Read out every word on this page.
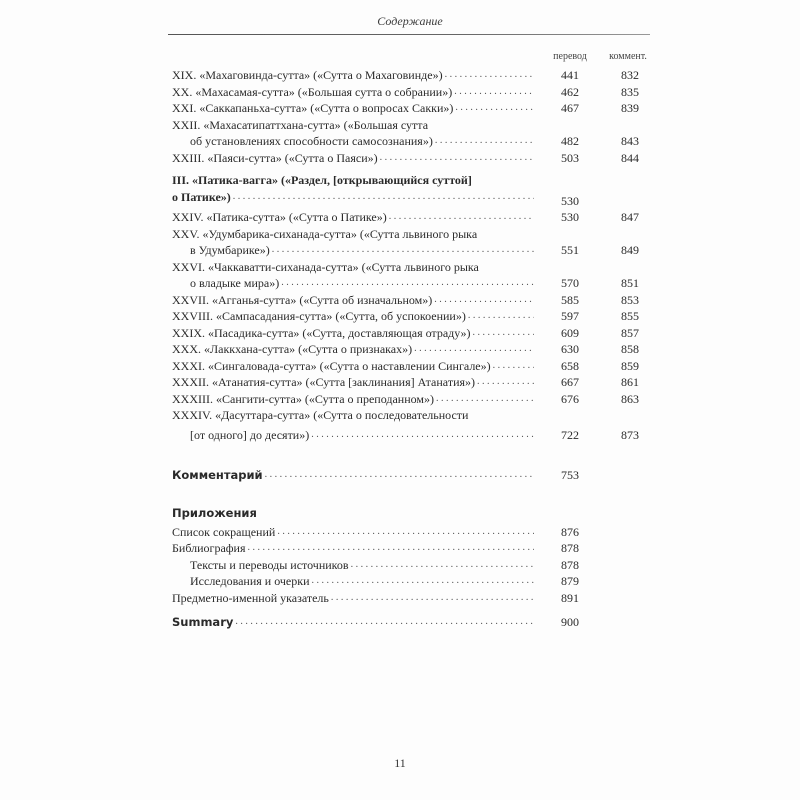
Содержание
перевод	коммент.
XIX. «Махаговинда-сутта» («Сутта о Махаговинде») . . .	441	832
XX. «Махасамая-сутта» («Большая сутта о собрании») . . .	462	835
XXI. «Саккапаньха-сутта» («Сутта о вопросах Сакки») . . .	467	839
XXII. «Махасатипаттхана-сутта» («Большая сутта
об установлениях способности самосознания») . . .	482	843
XXIII. «Паяси-сутта» («Сутта о Паяси») . . .	503	844
III. «Патика-вагга» («Раздел, [открывающийся суттой]
о Патике») . . .	530
XXIV. «Патика-сутта» («Сутта о Патике») . . .	530	847
XXV. «Удумбарика-сиханада-сутта» («Сутта львиного рыка
в Удумбарике») . . .	551	849
XXVI. «Чаккаватти-сиханада-сутта» («Сутта львиного рыка
о владыке мира») . . .	570	851
XXVII. «Агганья-сутта» («Сутта об изначальном») . . .	585	853
XXVIII. «Сампасадания-сутта» («Сутта, об успокоении») . . .	597	855
XXIX. «Пасадика-сутта» («Сутта, доставляющая отраду») . . .	609	857
XXX. «Лаккхана-сутта» («Сутта о признаках») . . .	630	858
XXXI. «Сингаловада-сутта» («Сутта о наставлении Сингале») . . .	658	859
XXXII. «Атанатия-сутта» («Сутта [заклинания] Атанатия») . . .	667	861
XXXIII. «Сангити-сутта» («Сутта о преподанном») . . .	676	863
XXXIV. «Дасуттара-сутта» («Сутта о последовательности
[от одного] до десяти») . . .	722	873
Комментарий . . .	753
Приложения
Список сокращений . . .	876
Библиография . . .	878
Тексты и переводы источников . . .	878
Исследования и очерки . . .	879
Предметно-именной указатель . . .	891
Summary . . .	900
11
